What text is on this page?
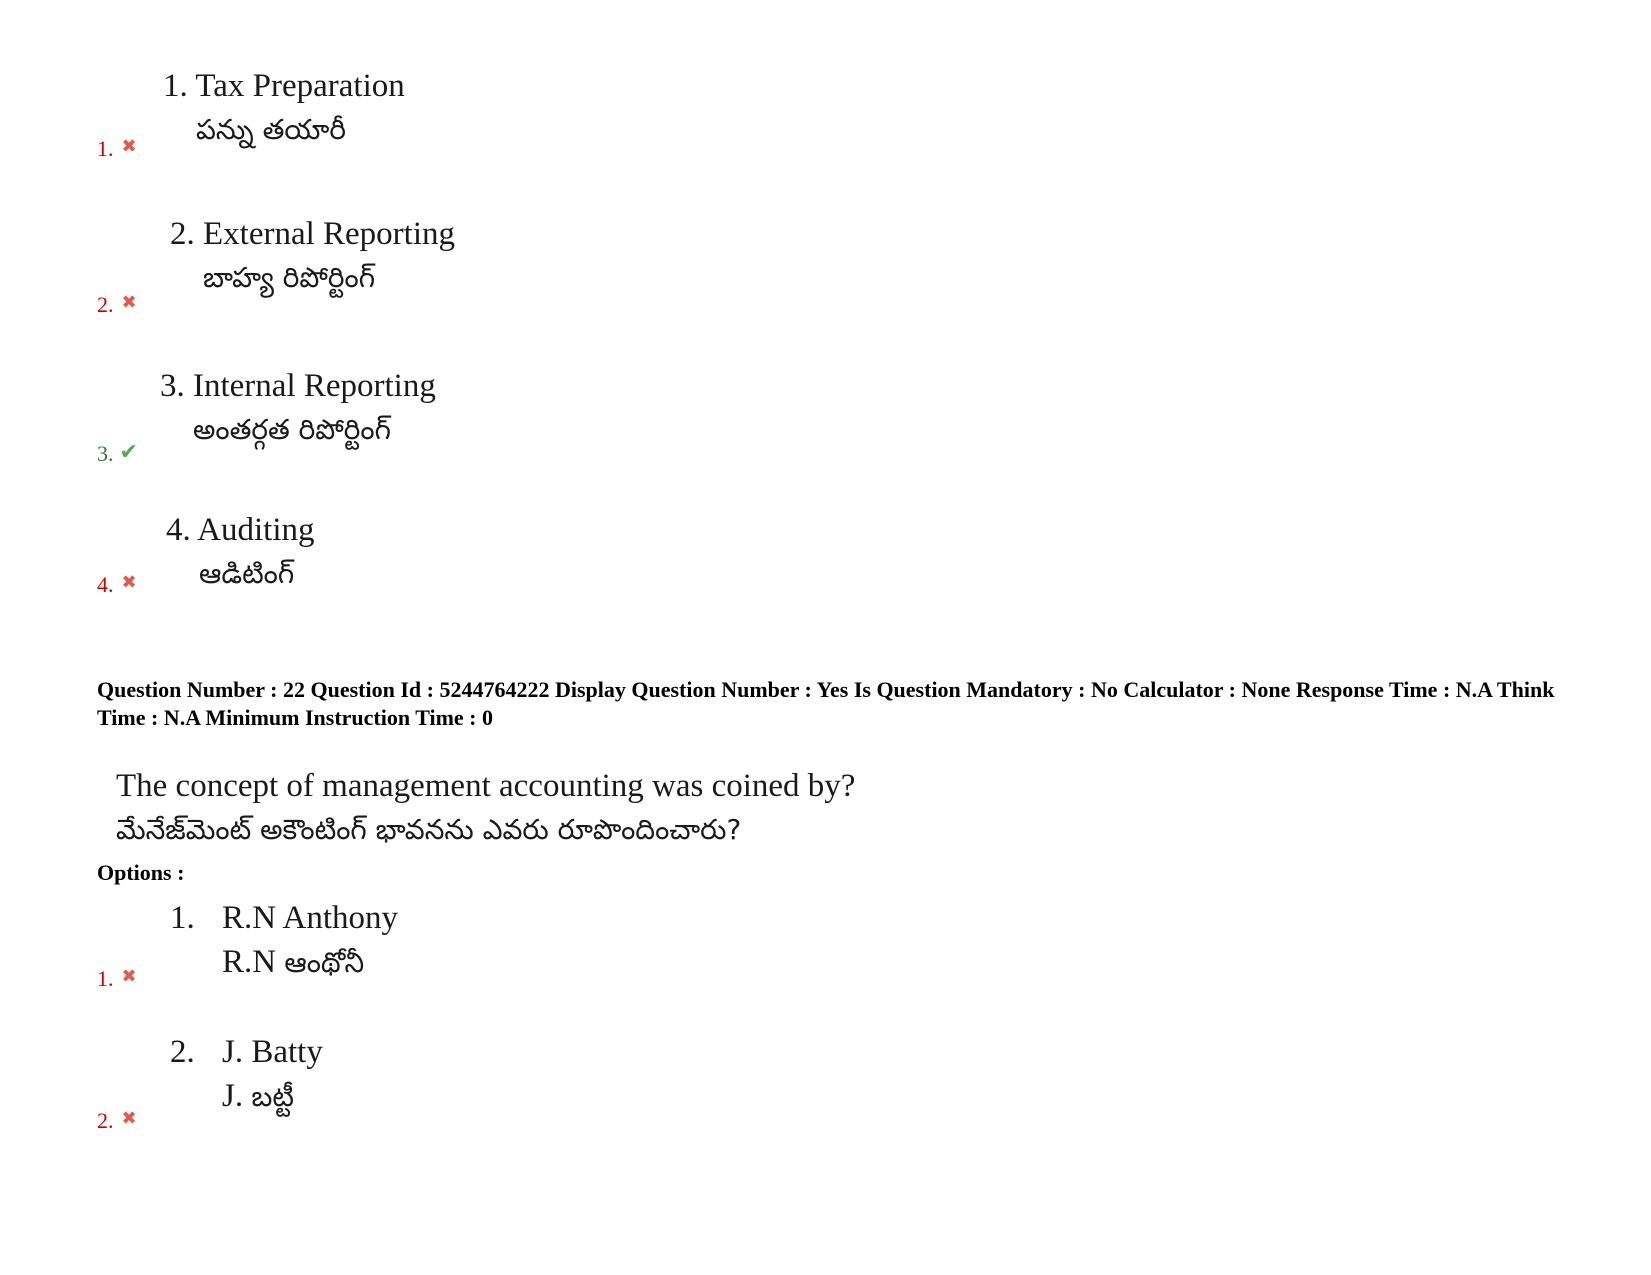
1. Tax Preparation
పన్ను తయారీ
1. ✖
2. External Reporting
బాహ్య రిపోర్టింగ్
2. ✖
3. Internal Reporting
అంతర్గత రిపోర్టింగ్
3. ✔
4. Auditing
ఆడిటింగ్
4. ✖
Question Number : 22 Question Id : 5244764222 Display Question Number : Yes Is Question Mandatory : No Calculator : None Response Time : N.A Think Time : N.A Minimum Instruction Time : 0
The concept of management accounting was coined by?
మేనేజ్‌మెంట్ అకౌంటింగ్ భావనను ఎవరు రూపొందించారు?
Options :
1. R.N Anthony
R.N ఆంథోనీ
1. ✖
2. J. Batty
J. బట్టీ
2. ✖
